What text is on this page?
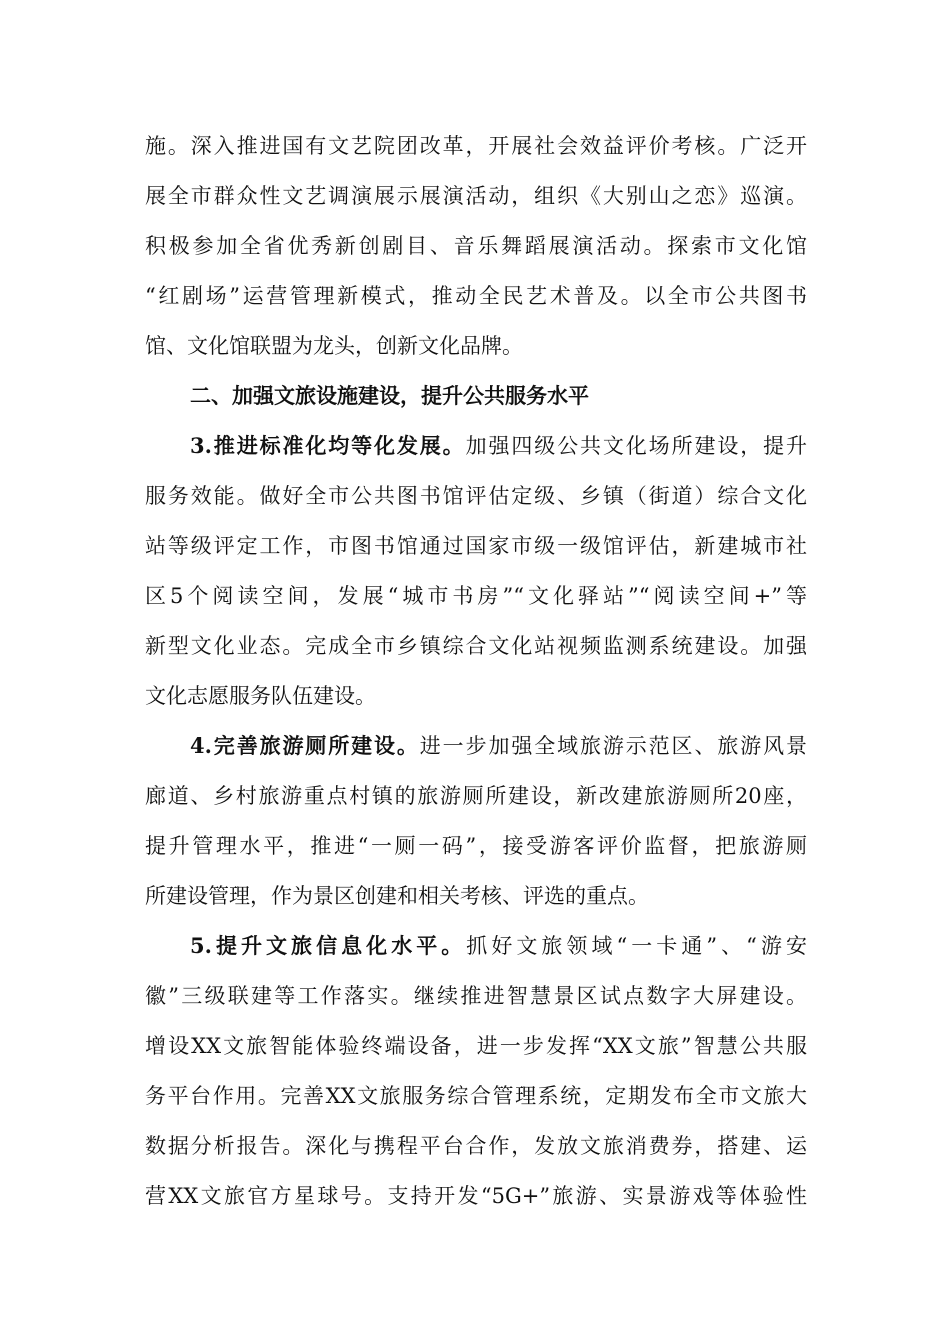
施。深入推进国有文艺院团改革，开展社会效益评价考核。广泛开
展全市群众性文艺调演展示展演活动，组织《大别山之恋》巡演。
积极参加全省优秀新创剧目、音乐舞蹈展演活动。探索市文化馆
“红剧场”运营管理新模式，推动全民艺术普及。以全市公共图书
馆、文化馆联盟为龙头，创新文化品牌。
二、加强文旅设施建设，提升公共服务水平
3.推进标准化均等化发展。加强四级公共文化场所建设，提升
服务效能。做好全市公共图书馆评估定级、乡镇（街道）综合文化
站等级评定工作，市图书馆通过国家市级一级馆评估，新建城市社
区5个阅读空间，发展“城市书房”“文化驿站”“阅读空间+”等
新型文化业态。完成全市乡镇综合文化站视频监测系统建设。加强
文化志愿服务队伍建设。
4.完善旅游厕所建设。进一步加强全域旅游示范区、旅游风景
廊道、乡村旅游重点村镇的旅游厕所建设，新改建旅游厕所20座，
提升管理水平，推进“一厕一码”，接受游客评价监督，把旅游厕
所建设管理，作为景区创建和相关考核、评选的重点。
5.提升文旅信息化水平。抓好文旅领域“一卡通”、“游安
徽”三级联建等工作落实。继续推进智慧景区试点数字大屏建设。
增设XX文旅智能体验终端设备，进一步发挥“XX文旅”智慧公共服
务平台作用。完善XX文旅服务综合管理系统，定期发布全市文旅大
数据分析报告。深化与携程平台合作，发放文旅消费券，搭建、运
营XX文旅官方星球号。支持开发“5G+”旅游、实景游戏等体验性
